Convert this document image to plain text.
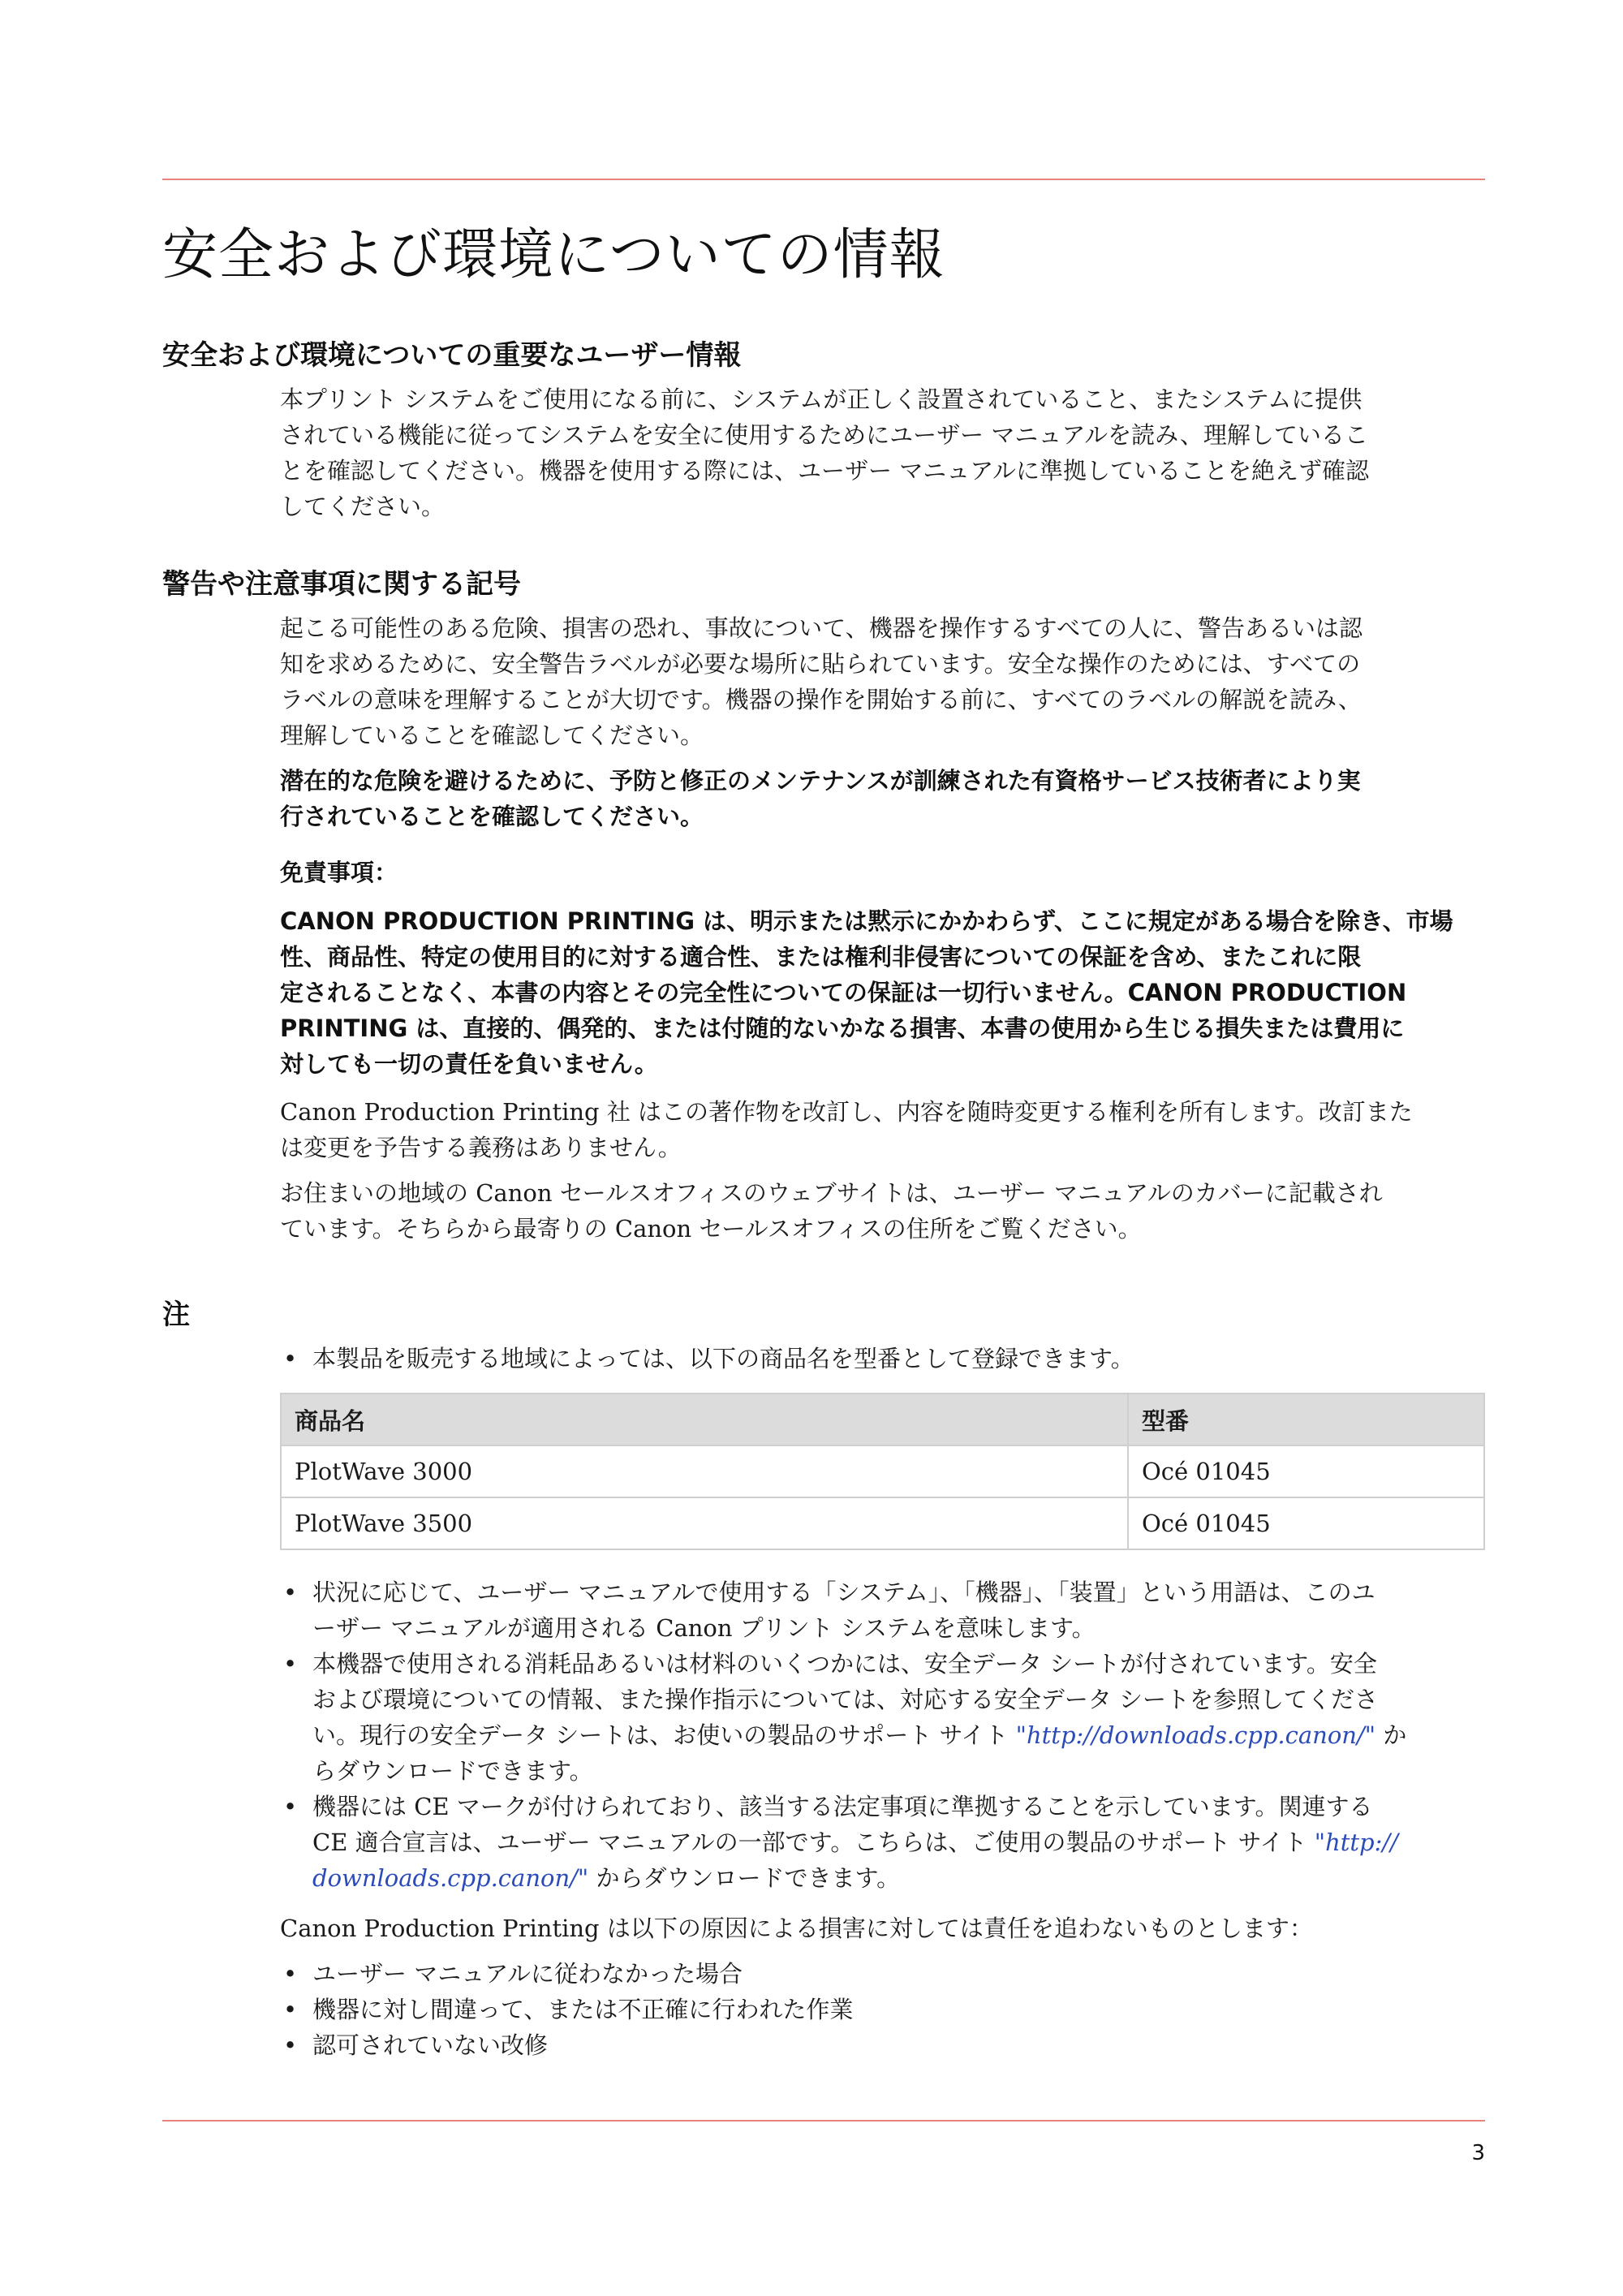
安全および環境についての情報
安全および環境についての重要なユーザー情報

本プリント システムをご使用になる前に、システムが正しく設置されていること、またシステムに提供

されている機能に従ってシステムを安全に使用するためにユーザー マニュアルを読み、理解しているこ

とを確認してください。機器を使用する際には、ユーザー マニュアルに準拠していることを絶えず確認

してください。

警告や注意事項に関する記号

起こる可能性のある危険、損害の恐れ、事故について、機器を操作するすべての人に、警告あるいは認

知を求めるために、安全警告ラベルが必要な場所に貼られています。安全な操作のためには、すべての

ラベルの意味を理解することが大切です。機器の操作を開始する前に、すべてのラベルの解説を読み、

理解していることを確認してください。

潜在的な危険を避けるために、予防と修正のメンテナンスが訓練された有資格サービス技術者により実

行されていることを確認してください。

免責事項：

CANON PRODUCTION PRINTING は、明示または黙示にかかわらず、ここに規定がある場合を除き、市場

性、商品性、特定の使用目的に対する適合性、または権利非侵害についての保証を含め、またこれに限

定されることなく、本書の内容とその完全性についての保証は一切行いません。CANON PRODUCTION

PRINTING は、直接的、偶発的、または付随的ないかなる損害、本書の使用から生じる損失または費用に

対しても一切の責任を負いません。

Canon Production Printing 社 はこの著作物を改訂し、内容を随時変更する権利を所有します。改訂また

は変更を予告する義務はありません。

お住まいの地域の Canon セールスオフィスのウェブサイトは、ユーザー マニュアルのカバーに記載され

ています。そちらから最寄りの Canon セールスオフィスの住所をご覧ください。

注
• 本製品を販売する地域によっては、以下の商品名を型番として登録できます。
商品名	型番
PlotWave 3000	Océ 01045
PlotWave 3500	Océ 01045
• 状況に応じて、ユーザー マニュアルで使用する「システム」、「機器」、「装置」という用語は、このユ
ーザー マニュアルが適用される Canon プリント システムを意味します。
• 本機器で使用される消耗品あるいは材料のいくつかには、安全データ シートが付されています。安全
および環境についての情報、また操作指示については、対応する安全データ シートを参照してくださ
い。現行の安全データ シートは、お使いの製品のサポート サイト "http://downloads.cpp.canon/" か
らダウンロードできます。
• 機器には CE マークが付けられており、該当する法定事項に準拠することを示しています。関連する
CE 適合宣言は、ユーザー マニュアルの一部です。こちらは、ご使用の製品のサポート サイト "http://
downloads.cpp.canon/" からダウンロードできます。

Canon Production Printing は以下の原因による損害に対しては責任を追わないものとします：

• ユーザー マニュアルに従わなかった場合
• 機器に対し間違って、または不正確に行われた作業
• 認可されていない改修
3
